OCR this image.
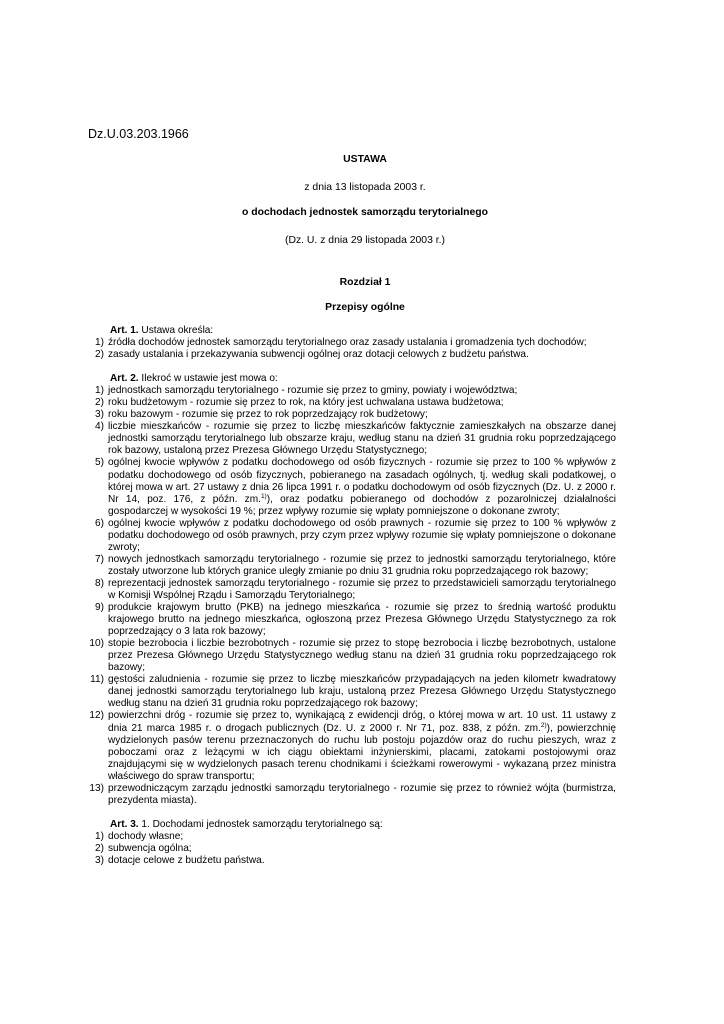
Dz.U.03.203.1966
USTAWA
z dnia 13 listopada 2003 r.
o dochodach jednostek samorządu terytorialnego
(Dz. U. z dnia 29 listopada 2003 r.)
Rozdział 1
Przepisy ogólne
Art. 1. Ustawa określa:
1) źródła dochodów jednostek samorządu terytorialnego oraz zasady ustalania i gromadzenia tych dochodów;
2) zasady ustalania i przekazywania subwencji ogólnej oraz dotacji celowych z budżetu państwa.
Art. 2. Ilekroć w ustawie jest mowa o:
1) jednostkach samorządu terytorialnego - rozumie się przez to gminy, powiaty i województwa;
2) roku budżetowym - rozumie się przez to rok, na który jest uchwalana ustawa budżetowa;
3) roku bazowym - rozumie się przez to rok poprzedzający rok budżetowy;
4) liczbie mieszkańców - rozumie się przez to liczbę mieszkańców faktycznie zamieszkałych na obszarze danej jednostki samorządu terytorialnego lub obszarze kraju, według stanu na dzień 31 grudnia roku poprzedzającego rok bazowy, ustaloną przez Prezesa Głównego Urzędu Statystycznego;
5) ogólnej kwocie wpływów z podatku dochodowego od osób fizycznych - rozumie się przez to 100 % wpływów z podatku dochodowego od osób fizycznych, pobieranego na zasadach ogólnych, tj. według skali podatkowej, o której mowa w art. 27 ustawy z dnia 26 lipca 1991 r. o podatku dochodowym od osób fizycznych (Dz. U. z 2000 r. Nr 14, poz. 176, z późn. zm.$^{1)}$), oraz podatku pobieranego od dochodów z pozarolniczej działalności gospodarczej w wysokości 19 %; przez wpływy rozumie się wpłaty pomniejszone o dokonane zwroty;
6) ogólnej kwocie wpływów z podatku dochodowego od osób prawnych - rozumie się przez to 100 % wpływów z podatku dochodowego od osób prawnych, przy czym przez wpływy rozumie się wpłaty pomniejszone o dokonane zwroty;
7) nowych jednostkach samorządu terytorialnego - rozumie się przez to jednostki samorządu terytorialnego, które zostały utworzone lub których granice uległy zmianie po dniu 31 grudnia roku poprzedzającego rok bazowy;
8) reprezentacji jednostek samorządu terytorialnego - rozumie się przez to przedstawicieli samorządu terytorialnego w Komisji Wspólnej Rządu i Samorządu Terytorialnego;
9) produkcie krajowym brutto (PKB) na jednego mieszkańca - rozumie się przez to średnią wartość produktu krajowego brutto na jednego mieszkańca, ogłoszoną przez Prezesa Głównego Urzędu Statystycznego za rok poprzedzający o 3 lata rok bazowy;
10) stopie bezrobocia i liczbie bezrobotnych - rozumie się przez to stopę bezrobocia i liczbę bezrobotnych, ustalone przez Prezesa Głównego Urzędu Statystycznego według stanu na dzień 31 grudnia roku poprzedzającego rok bazowy;
11) gęstości zaludnienia - rozumie się przez to liczbę mieszkańców przypadających na jeden kilometr kwadratowy danej jednostki samorządu terytorialnego lub kraju, ustaloną przez Prezesa Głównego Urzędu Statystycznego według stanu na dzień 31 grudnia roku poprzedzającego rok bazowy;
12) powierzchni dróg - rozumie się przez to, wynikającą z ewidencji dróg, o której mowa w art. 10 ust. 11 ustawy z dnia 21 marca 1985 r. o drogach publicznych (Dz. U. z 2000 r. Nr 71, poz. 838, z późn. zm.$^{2)}$), powierzchnię wydzielonych pasów terenu przeznaczonych do ruchu lub postoju pojazdów oraz do ruchu pieszych, wraz z poboczami oraz z leżącymi w ich ciągu obiektami inżynierskimi, placami, zatokami postojowymi oraz znajdującymi się w wydzielonych pasach terenu chodnikami i ścieżkami rowerowymi - wykazaną przez ministra właściwego do spraw transportu;
13) przewodniczącym zarządu jednostki samorządu terytorialnego - rozumie się przez to również wójta (burmistrza, prezydenta miasta).
Art. 3. 1. Dochodami jednostek samorządu terytorialnego są:
1) dochody własne;
2) subwencja ogólna;
3) dotacje celowe z budżetu państwa.
